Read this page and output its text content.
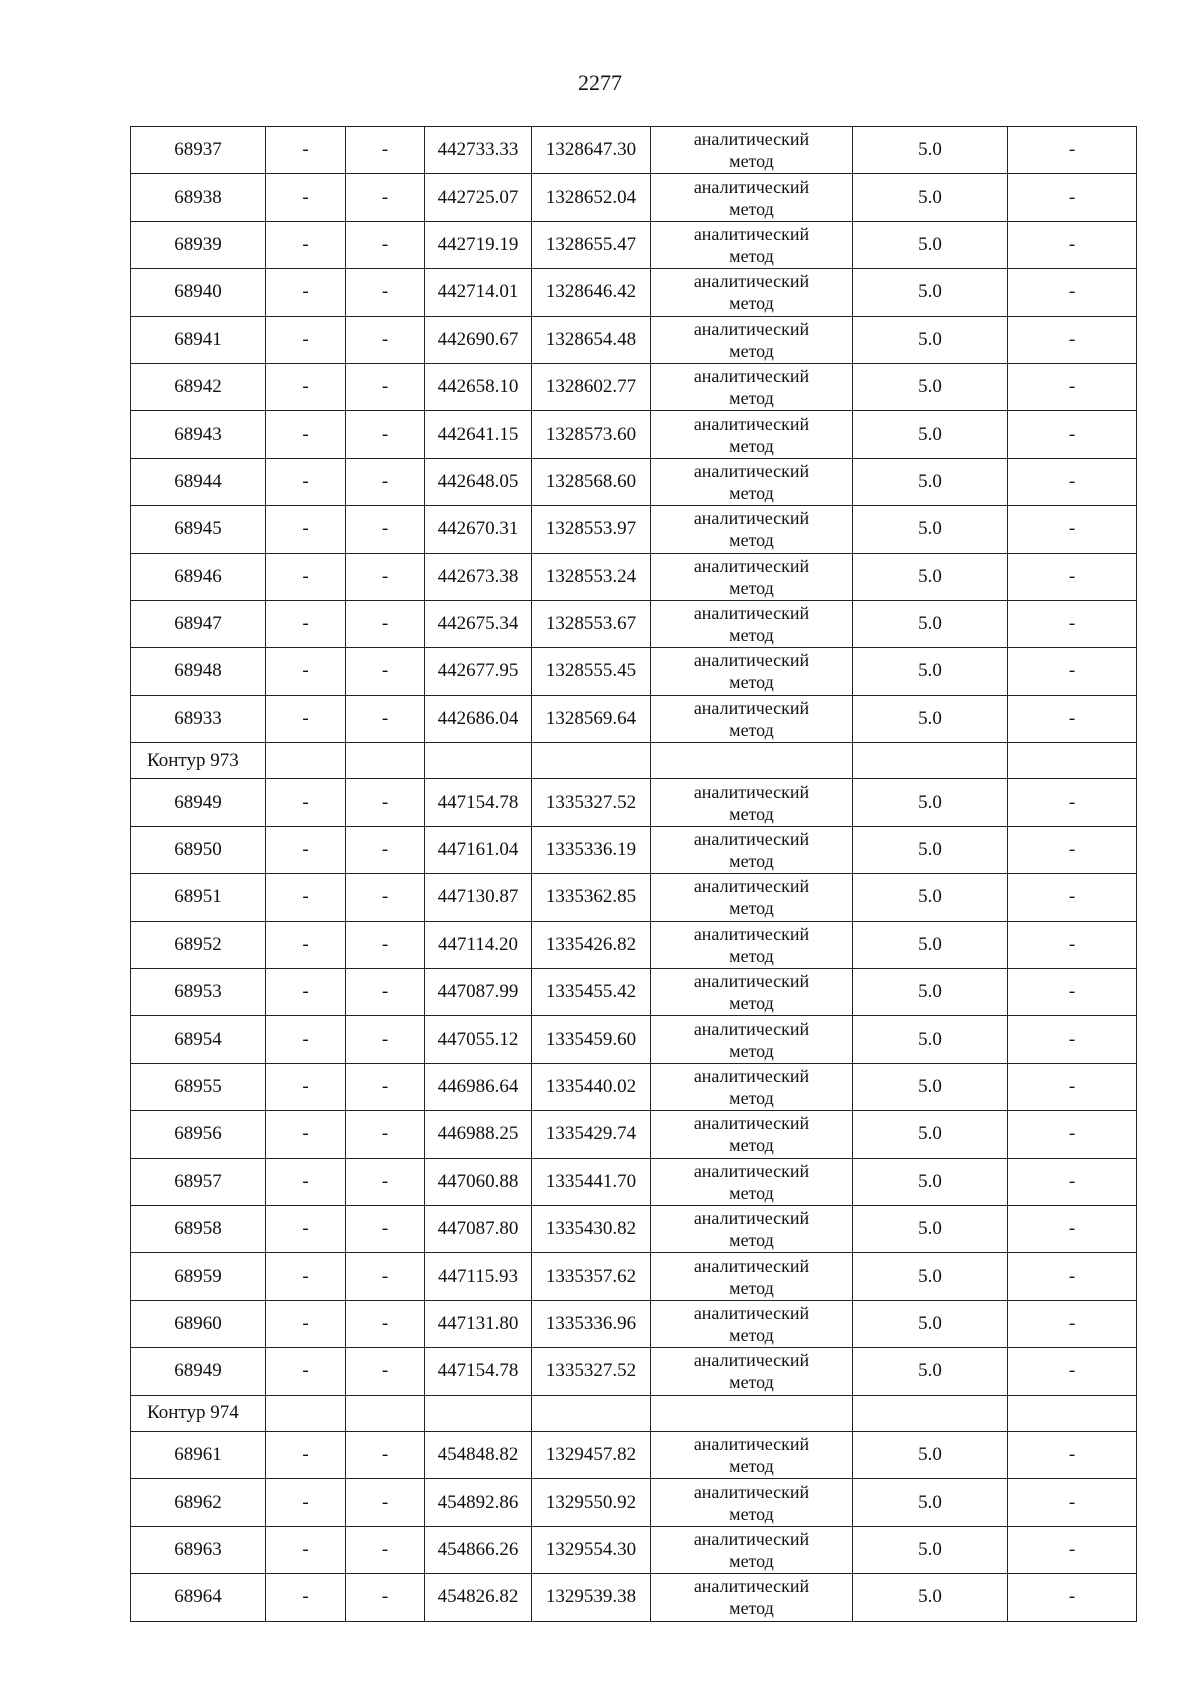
2277
68937	-	-	442733.33	1328647.30	аналитический
метод	5.0	-
68938	-	-	442725.07	1328652.04	аналитический
метод	5.0	-
68939	-	-	442719.19	1328655.47	аналитический
метод	5.0	-
68940	-	-	442714.01	1328646.42	аналитический
метод	5.0	-
68941	-	-	442690.67	1328654.48	аналитический
метод	5.0	-
68942	-	-	442658.10	1328602.77	аналитический
метод	5.0	-
68943	-	-	442641.15	1328573.60	аналитический
метод	5.0	-
68944	-	-	442648.05	1328568.60	аналитический
метод	5.0	-
68945	-	-	442670.31	1328553.97	аналитический
метод	5.0	-
68946	-	-	442673.38	1328553.24	аналитический
метод	5.0	-
68947	-	-	442675.34	1328553.67	аналитический
метод	5.0	-
68948	-	-	442677.95	1328555.45	аналитический
метод	5.0	-
68933	-	-	442686.04	1328569.64	аналитический
метод	5.0	-
Контур 973							
68949	-	-	447154.78	1335327.52	аналитический
метод	5.0	-
68950	-	-	447161.04	1335336.19	аналитический
метод	5.0	-
68951	-	-	447130.87	1335362.85	аналитический
метод	5.0	-
68952	-	-	447114.20	1335426.82	аналитический
метод	5.0	-
68953	-	-	447087.99	1335455.42	аналитический
метод	5.0	-
68954	-	-	447055.12	1335459.60	аналитический
метод	5.0	-
68955	-	-	446986.64	1335440.02	аналитический
метод	5.0	-
68956	-	-	446988.25	1335429.74	аналитический
метод	5.0	-
68957	-	-	447060.88	1335441.70	аналитический
метод	5.0	-
68958	-	-	447087.80	1335430.82	аналитический
метод	5.0	-
68959	-	-	447115.93	1335357.62	аналитический
метод	5.0	-
68960	-	-	447131.80	1335336.96	аналитический
метод	5.0	-
68949	-	-	447154.78	1335327.52	аналитический
метод	5.0	-
Контур 974							
68961	-	-	454848.82	1329457.82	аналитический
метод	5.0	-
68962	-	-	454892.86	1329550.92	аналитический
метод	5.0	-
68963	-	-	454866.26	1329554.30	аналитический
метод	5.0	-
68964	-	-	454826.82	1329539.38	аналитический
метод	5.0	-
